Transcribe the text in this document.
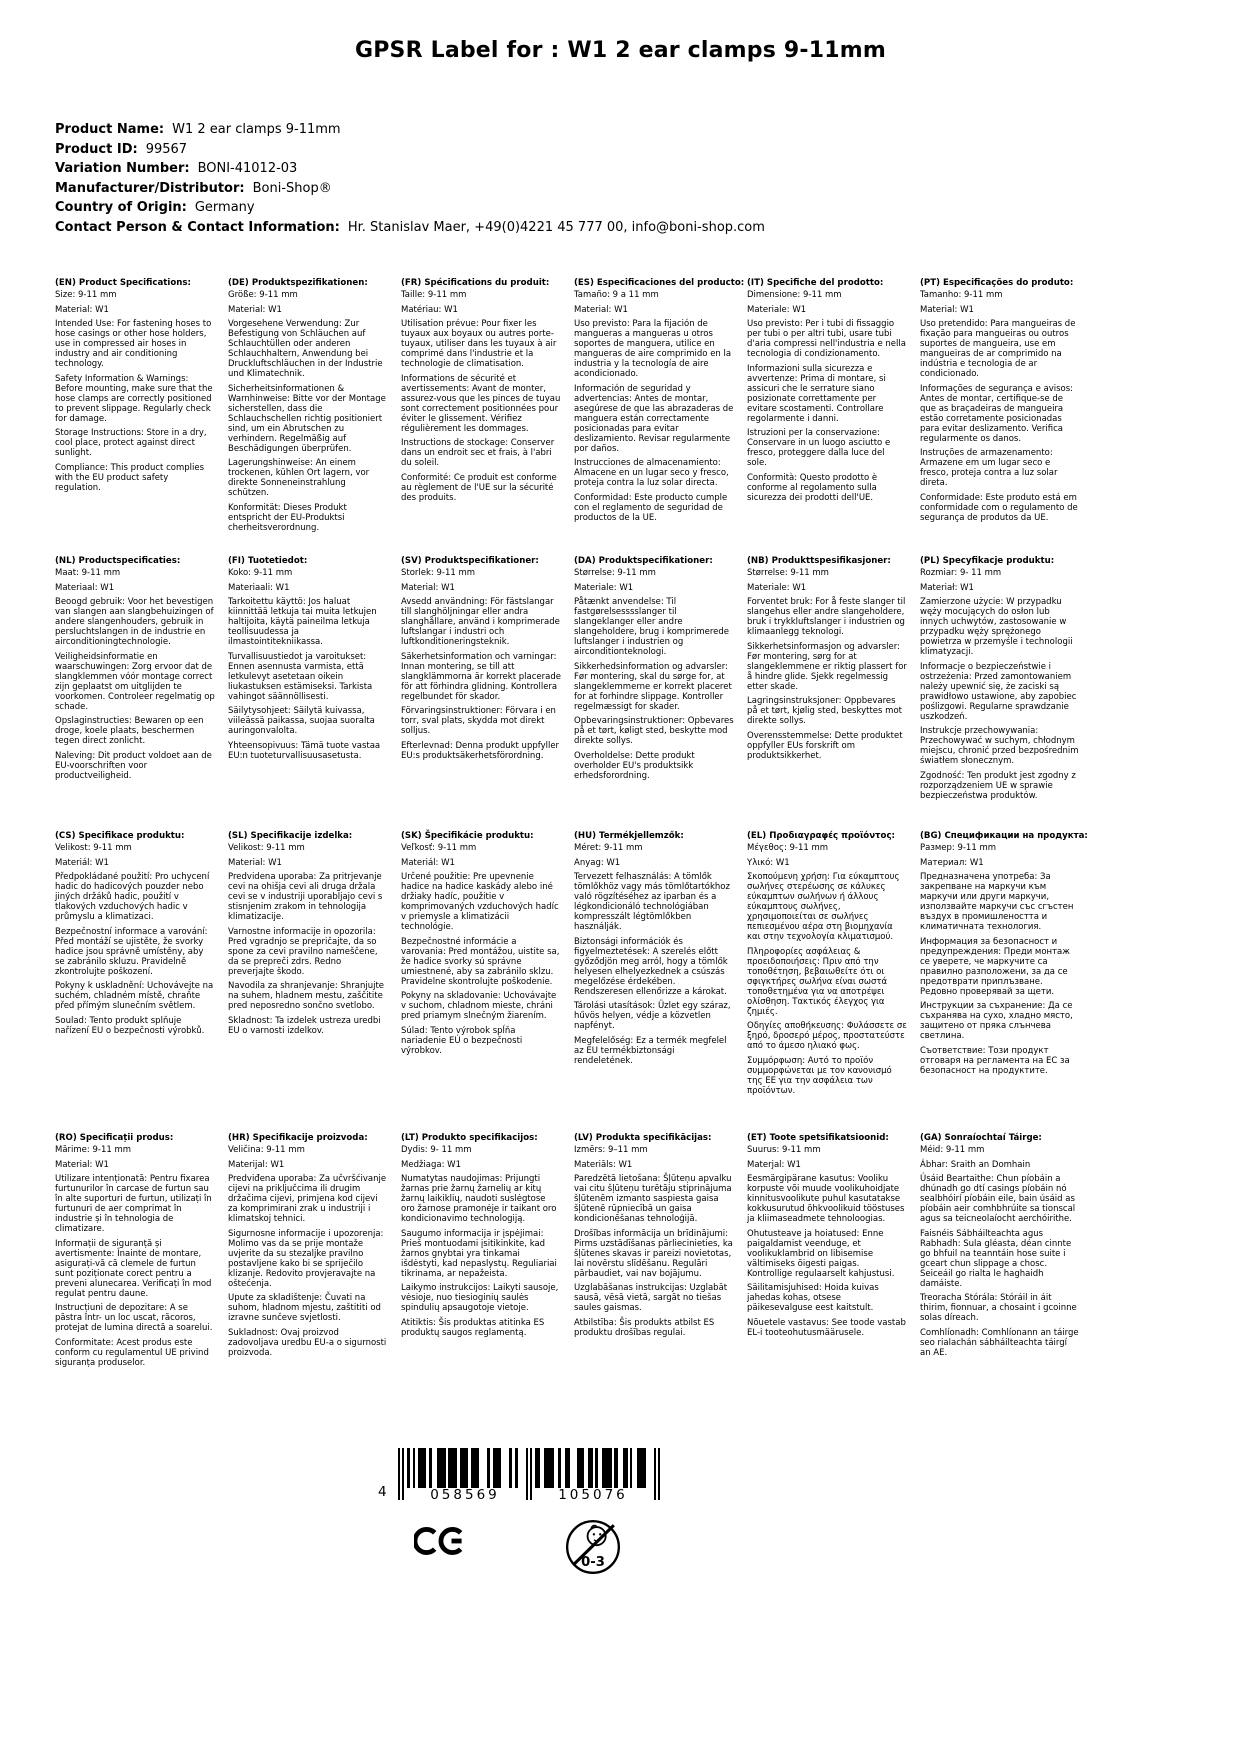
GPSR Label for : W1 2 ear clamps 9-11mm
Product Name: W1 2 ear clamps 9-11mm
Product ID: 99567
Variation Number: BONI-41012-03
Manufacturer/Distributor: Boni-Shop®
Country of Origin: Germany
Contact Person & Contact Information: Hr. Stanislav Maer, +49(0)4221 45 777 00, info@boni-shop.com
(EN) Product Specifications:

Size: 9-11 mm

Material: W1

Intended Use: For fastening hoses to hose casings or other hose holders, use in compressed air hoses in industry and air conditioning technology.

Safety Information & Warnings: Before mounting, make sure that the hose clamps are correctly positioned to prevent slippage. Regularly check for damage.

Storage Instructions: Store in a dry, cool place, protect against direct sunlight.

Compliance: This product complies with the EU product safety regulation.

(DE) Produktspezifikationen:

Größe: 9-11 mm

Material: W1

Vorgesehene Verwendung: Zur Befestigung von Schläuchen auf Schlauchtüllen oder anderen Schlauchhaltern, Anwendung bei Druckluftschläuchen in der Industrie und Klimatechnik.

Sicherheitsinformationen & Warnhinweise: Bitte vor der Montage sicherstellen, dass die Schlauchschellen richtig positioniert sind, um ein Abrutschen zu verhindern. Regelmäßig auf Beschädigungen überprüfen.

Lagerungshinweise: An einem trockenen, kühlen Ort lagern, vor direkte Sonneneinstrahlung schützen.

Konformität: Dieses Produkt entspricht der EU-Produktsi cherheitsverordnung.

(FR) Spécifications du produit:

Taille: 9-11 mm

Matériau: W1

Utilisation prévue: Pour fixer les tuyaux aux boyaux ou autres porte-tuyaux, utiliser dans les tuyaux à air comprimé dans l'industrie et la technologie de climatisation.

Informations de sécurité et avertissements: Avant de monter, assurez-vous que les pinces de tuyau sont correctement positionnées pour éviter le glissement. Vérifiez régulièrement les dommages.

Instructions de stockage: Conserver dans un endroit sec et frais, à l'abri du soleil.

Conformité: Ce produit est conforme au règlement de l'UE sur la sécurité des produits.

(ES) Especificaciones del producto:

Tamaño: 9 a 11 mm

Material: W1

Uso previsto: Para la fijación de mangueras a mangueras u otros soportes de manguera, utilice en mangueras de aire comprimido en la industria y la tecnología de aire acondicionado.

Información de seguridad y advertencias: Antes de montar, asegúrese de que las abrazaderas de manguera están correctamente posicionadas para evitar deslizamiento. Revisar regularmente por daños.

Instrucciones de almacenamiento: Almacene en un lugar seco y fresco, proteja contra la luz solar directa.

Conformidad: Este producto cumple con el reglamento de seguridad de productos de la UE.

(IT) Specifiche del prodotto:

Dimensione: 9-11 mm

Materiale: W1

Uso previsto: Per i tubi di fissaggio per tubi o per altri tubi, usare tubi d'aria compressi nell'industria e nella tecnologia di condizionamento.

Informazioni sulla sicurezza e avvertenze: Prima di montare, si assicuri che le serrature siano posizionate correttamente per evitare scostamenti. Controllare regolarmente i danni.

Istruzioni per la conservazione: Conservare in un luogo asciutto e fresco, proteggere dalla luce del sole.

Conformità: Questo prodotto è conforme al regolamento sulla sicurezza dei prodotti dell'UE.

(PT) Especificações do produto:

Tamanho: 9-11 mm

Material: W1

Uso pretendido: Para mangueiras de fixação para mangueiras ou outros suportes de mangueira, use em mangueiras de ar comprimido na indústria e tecnologia de ar condicionado.

Informações de segurança e avisos: Antes de montar, certifique-se de que as braçadeiras de mangueira estão corretamente posicionadas para evitar deslizamento. Verifica regularmente os danos.

Instruções de armazenamento: Armazene em um lugar seco e fresco, proteja contra a luz solar direta.

Conformidade: Este produto está em conformidade com o regulamento de segurança de produtos da UE.

(NL) Productspecificaties:

Maat: 9-11 mm

Materiaal: W1

Beoogd gebruik: Voor het bevestigen van slangen aan slangbehuizingen of andere slangenhouders, gebruik in persluchtslangen in de industrie en airconditioningtechnologie.

Veiligheidsinformatie en waarschuwingen: Zorg ervoor dat de slangklemmen vóór montage correct zijn geplaatst om uitglijden te voorkomen. Controleer regelmatig op schade.

Opslaginstructies: Bewaren op een droge, koele plaats, beschermen tegen direct zonlicht.

Naleving: Dit product voldoet aan de EU-voorschriften voor productveiligheid.

(FI) Tuotetiedot:

Koko: 9-11 mm

Materiaali: W1

Tarkoitettu käyttö: Jos haluat kiinnittää letkuja tai muita letkujen haltijoita, käytä paineilma letkuja teollisuudessa ja ilmastointitekniikassa.

Turvallisuustiedot ja varoitukset: Ennen asennusta varmista, että letkulevyt asetetaan oikein liukastuksen estämiseksi. Tarkista vahingot säännöllisesti.

Säilytysohjeet: Säilytä kuivassa, viileässä paikassa, suojaa suoralta auringonvalolta.

Yhteensopivuus: Tämä tuote vastaa EU:n tuoteturvallisuusasetusta.

(SV) Produktspecifikationer:

Storlek: 9-11 mm

Material: W1

Avsedd användning: För fästslangar till slanghöljningar eller andra slanghållare, använd i komprimerade luftslangar i industri och luftkonditioneringsteknik.

Säkerhetsinformation och varningar: Innan montering, se till att slangklämmorna är korrekt placerade för att förhindra glidning. Kontrollera regelbundet för skador.

Förvaringsinstruktioner: Förvara i en torr, sval plats, skydda mot direkt solljus.

Efterlevnad: Denna produkt uppfyller EU:s produktsäkerhetsförordning.

(DA) Produktspecifikationer:

Størrelse: 9-11 mm

Materiale: W1

Påtænkt anvendelse: Til fastgørelsesssslanger til slangeklanger eller andre slangeholdere, brug i komprimerede luftslanger i industrien og airconditionteknologi.

Sikkerhedsinformation og advarsler: Før montering, skal du sørge for, at slangeklemmerne er korrekt placeret for at forhindre slippage. Kontroller regelmæssigt for skader.

Opbevaringsinstruktioner: Opbevares på et tørt, køligt sted, beskytte mod direkte sollys.

Overholdelse: Dette produkt overholder EU's produktsikk erhedsforordning.

(NB) Produkttspesifikasjoner:

Størrelse: 9-11 mm

Materiale: W1

Forventet bruk: For å feste slanger til slangehus eller andre slangeholdere, bruk i trykkluftslanger i industrien og klimaanlegg teknologi.

Sikkerhetsinformasjon og advarsler: Før montering, sørg for at slangeklemmene er riktig plassert for å hindre glide. Sjekk regelmessig etter skade.

Lagringsinstruksjoner: Oppbevares på et tørt, kjølig sted, beskyttes mot direkte sollys.

Overensstemmelse: Dette produktet oppfyller EUs forskrift om produktsikkerhet.

(PL) Specyfikacje produktu:

Rozmiar: 9- 11 mm

Materiał: W1

Zamierzone użycie: W przypadku węży mocujących do osłon lub innych uchwytów, zastosowanie w przypadku węży sprężonego powietrza w przemyśle i technologii klimatyzacji.

Informacje o bezpieczeństwie i ostrzeżenia: Przed zamontowaniem należy upewnić się, że zaciski są prawidłowo ustawione, aby zapobiec poślizgowi. Regularne sprawdzanie uszkodzeń.

Instrukcje przechowywania: Przechowywać w suchym, chłodnym miejscu, chronić przed bezpośrednim światłem słonecznym.

Zgodność: Ten produkt jest zgodny z rozporządzeniem UE w sprawie bezpieczeństwa produktów.

(CS) Specifikace produktu:

Velikost: 9-11 mm

Materiál: W1

Předpokládané použití: Pro uchycení hadic do hadicových pouzder nebo jiných držáků hadic, použití v tlakových vzduchových hadic v průmyslu a klimatizaci.

Bezpečnostní informace a varování: Před montáží se ujistěte, že svorky hadice jsou správně umístěny, aby se zabránilo skluzu. Pravidelně zkontrolujte poškození.

Pokyny k uskladnění: Uchovávejte na suchém, chladném místě, chraňte před přímým slunečním světlem.

Soulad: Tento produkt splňuje nařízení EU o bezpečnosti výrobků.

(SL) Specifikacije izdelka:

Velikost: 9-11 mm

Material: W1

Predvidena uporaba: Za pritrjevanje cevi na ohišja cevi ali druga držala cevi se v industriji uporabljajo cevi s stisnjenim zrakom in tehnologija klimatizacije.

Varnostne informacije in opozorila: Pred vgradnjo se prepričajte, da so spone za cevi pravilno nameščene, da se prepreči zdrs. Redno preverjajte škodo.

Navodila za shranjevanje: Shranjujte na suhem, hladnem mestu, zaščitite pred neposredno sončno svetlobo.

Skladnost: Ta izdelek ustreza uredbi EU o varnosti izdelkov.

(SK) Špecifikácie produktu:

Veľkosť: 9-11 mm

Materiál: W1

Určené použitie: Pre upevnenie hadice na hadice kaskády alebo iné držiaky hadíc, použitie v komprimovaných vzduchových hadíc v priemysle a klimatizácii technológie.

Bezpečnostné informácie a varovania: Pred montážou, uistite sa, že hadice svorky sú správne umiestnené, aby sa zabránilo sklzu. Pravidelne skontrolujte poškodenie.

Pokyny na skladovanie: Uchovávajte v suchom, chladnom mieste, chráni pred priamym slnečným žiarením.

Súlad: Tento výrobok spĺňa nariadenie EÚ o bezpečnosti výrobkov.

(HU) Termékjellemzők:

Méret: 9-11 mm

Anyag: W1

Tervezett felhasználás: A tömlők tömlőkhöz vagy más tömlőtartókhoz való rögzítéséhez az iparban és a légkondicionáló technológiában kompresszált légtömlőkben használják.

Biztonsági információk és figyelmeztetések: A szerelés előtt győződjön meg arról, hogy a tömlők helyesen elhelyezkednek a csúszás megelőzése érdekében. Rendszeresen ellenőrizze a károkat.

Tárolási utasítások: Üzlet egy száraz, hűvös helyen, védje a közvetlen napfényt.

Megfelelőség: Ez a termék megfelel az EU termékbiztonsági rendeletének.

(EL) Προδιαγραφές προϊόντος:

Μέγεθος: 9-11 mm

Υλικό: W1

Σκοπούμενη χρήση: Για εύκαμπτους σωλήνες στερέωσης σε κάλυκες εύκαμπτων σωλήνων ή άλλους εύκαμπτους σωλήνες, χρησιμοποιείται σε σωλήνες πεπιεσμένου αέρα στη βιομηχανία και στην τεχνολογία κλιματισμού.

Πληροφορίες ασφάλειας & προειδοποιήσεις: Πριν από την τοποθέτηση, βεβαιωθείτε ότι οι σφιγκτήρες σωλήνα είναι σωστά τοποθετημένα για να αποτρέψει ολίσθηση. Τακτικός έλεγχος για ζημιές.

Οδηγίες αποθήκευσης: Φυλάσσετε σε ξηρό, δροσερό μέρος, προστατεύστε από το άμεσο ηλιακό φως.

Συμμόρφωση: Αυτό το προϊόν συμμορφώνεται με τον κανονισμό της ΕΕ για την ασφάλεια των προϊόντων.

(BG) Спецификации на продукта:

Размер: 9-11 mm

Материал: W1

Предназначена употреба: За закрепване на маркучи към маркучи или други маркучи, използвайте маркучи със сгъстен въздух в промишлеността и климатичната технология.

Информация за безопасност и предупреждения: Преди монтаж се уверете, че маркучите са правилно разположени, за да се предотврати приплъзване. Редовно проверявай за щети.

Инструкции за съхранение: Да се съхранява на сухо, хладно място, защитено от пряка слънчева светлина.

Съответствие: Този продукт отговаря на регламента на ЕС за безопасност на продуктите.

(RO) Specificații produs:

Mărime: 9-11 mm

Material: W1

Utilizare intenționată: Pentru fixarea furtunurilor în carcase de furtun sau în alte suporturi de furtun, utilizați în furtunuri de aer comprimat în industrie și în tehnologia de climatizare.

Informații de siguranță și avertismente: Înainte de montare, asigurați-vă că clemele de furtun sunt poziționate corect pentru a preveni alunecarea. Verificați în mod regulat pentru daune.

Instrucțiuni de depozitare: A se păstra într- un loc uscat, răcoros, protejat de lumina directă a soarelui.

Conformitate: Acest produs este conform cu regulamentul UE privind siguranța produselor.

(HR) Specifikacije proizvoda:

Veličina: 9-11 mm

Materijal: W1

Predviđena uporaba: Za učvršćivanje cijevi na priključcima ili drugim držačima cijevi, primjena kod cijevi za komprimirani zrak u industriji i klimatskoj tehnici.

Sigurnosne informacije i upozorenja: Molimo vas da se prije montaže uvjerite da su stezaljke pravilno postavljene kako bi se spriječilo klizanje. Redovito provjeravajte na oštećenja.

Upute za skladištenje: Čuvati na suhom, hladnom mjestu, zaštititi od izravne sunčeve svjetlosti.

Sukladnost: Ovaj proizvod zadovoljava uredbu EU-a o sigurnosti proizvoda.

(LT) Produkto specifikacijos:

Dydis: 9- 11 mm

Medžiaga: W1

Numatytas naudojimas: Prijungti žarnas prie žarnų žarnelių ar kitų žarnų laikiklių, naudoti suslėgtose oro žarnose pramonėje ir taikant oro kondicionavimo technologiją.

Saugumo informacija ir įspėjimai: Prieš montuodami įsitikinkite, kad žarnos gnybtai yra tinkamai išdėstyti, kad nepaslystų. Reguliariai tikrinama, ar nepažeista.

Laikymo instrukcijos: Laikyti sausoje, vėsioje, nuo tiesioginių saulės spindulių apsaugotoje vietoje.

Atitiktis: Šis produktas atitinka ES produktų saugos reglamentą.

(LV) Produkta specifikācijas:

Izmērs: 9–11 mm

Materiāls: W1

Paredzētā lietošana: Šļūteņu apvalku vai citu šļūteņu turētāju stiprinājuma šļūtenēm izmanto saspiesta gaisa šļūtenē rūpniecībā un gaisa kondicionēšanas tehnoloģijā.

Drošības informācija un brīdinājumi: Pirms uzstādīšanas pārliecinieties, ka šļūtenes skavas ir pareizi novietotas, lai novērstu slīdēšanu. Regulāri pārbaudiet, vai nav bojājumu.

Uzglabāšanas instrukcijas: Uzglabāt sausā, vēsā vietā, sargāt no tiešas saules gaismas.

Atbilstība: Šis produkts atbilst ES produktu drošības regulai.

(ET) Toote spetsifikatsioonid:

Suurus: 9-11 mm

Materjal: W1

Eesmärgipärane kasutus: Vooliku korpuste või muude voolikuhoidjate kinnitusvoolikute puhul kasutatakse kokkusurutud õhkvoolikuid tööstuses ja kliimaseadmete tehnoloogias.

Ohutusteave ja hoiatused: Enne paigaldamist veenduge, et voolikuklambrid on libisemise vältimiseks õigesti paigas. Kontrollige regulaarselt kahjustusi.

Säilitamisjuhised: Hoida kuivas jahedas kohas, otsese päikesevalguse eest kaitstult.

Nõuetele vastavus: See toode vastab EL-i tooteohutusmäärusele.

(GA) Sonraíochtaí Táirge:

Méid: 9-11 mm

Ábhar: Sraith an Domhain

Úsáid Beartaithe: Chun píobáin a dhúnadh go dtí casings píobáin nó sealbhóirí píobáin eile, bain úsáid as píobáin aeir comhbhrúite sa tionscal agus sa teicneolaíocht aerchóirithe.

Faisnéis Sábháilteachta agus Rabhadh: Sula gléasta, déan cinnte go bhfuil na teanntáin hose suite i gceart chun slippage a chosc. Seiceáil go rialta le haghaidh damáiste.

Treoracha Stórála: Stóráil in áit thirim, fionnuar, a chosaint i gcoinne solas díreach.

Comhlíonadh: Comhlíonann an táirge seo rialachán sábháilteachta táirgí an AE.

4	058569	105076
0-3
